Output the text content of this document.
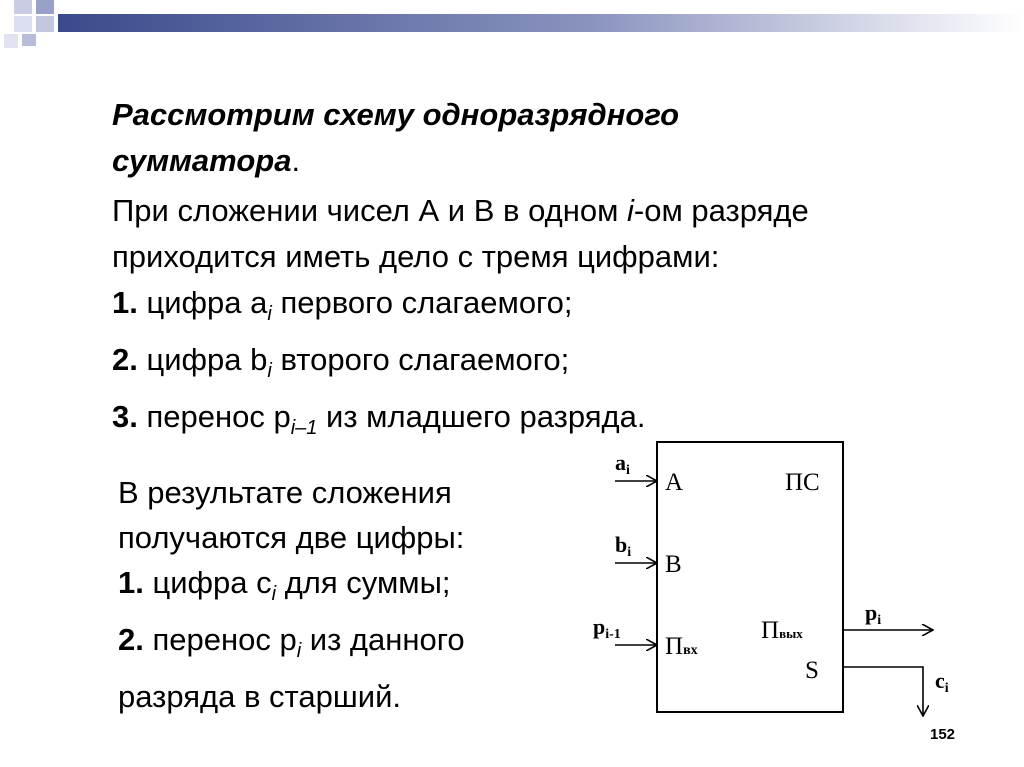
Рассмотрим схему одноразрядного
сумматора.
При сложении чисел А и В в одном i-ом разряде
приходится иметь дело с тремя цифрами:
1. цифра $a_i$ первого слагаемого;
2. цифра $b_i$ второго слагаемого;
3. перенос $p_{i-1}$ из младшего разряда.
В результате сложения
получаются две цифры:
1. цифра $c_i$ для суммы;
2. перенос $p_i$ из данного
разряда в старший.
ai
bi
pi-1
А
В
Пвх
ПС
Пвых
S
pi
ci
152
